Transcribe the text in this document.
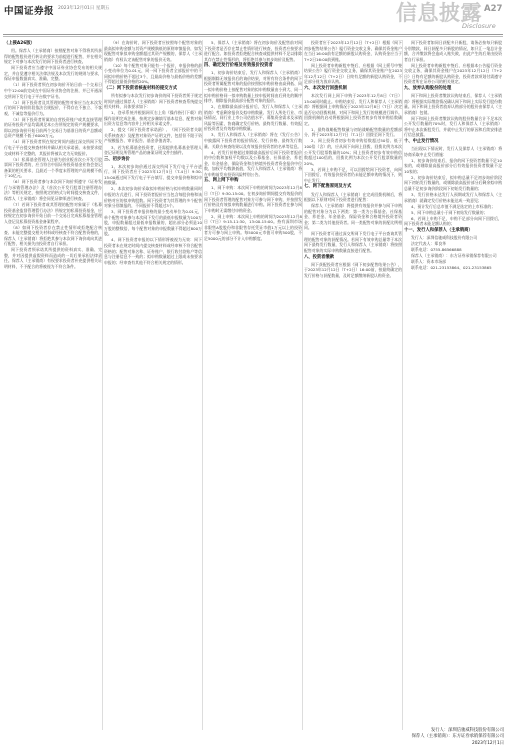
中国证券报 2023年12月01日 星期五	信息披露
Disclosure
A27
（上接A26版）

用。保荐人（主承销商）按照配售对象不得将其所获得的配售股份进行转让的要求为前提进行配售，并在相关规定下对参与本次发行的网下投资者进行核查。

网下投资者应当遵守中国证券业协会发布的相关规定，并自觉遵守相关法律法规及本次发行的规则与要求，保证申报数据真实、准确、完整。

（1）网下投资者须在初步询价开始日前一个交易日中午12:00前完成在中国证券业协会的注册，并已开通深交所网下发行电子平台数字证书。

（2）网下投资者及其管理的配售对象应当在本次发行的网下询价阶段依法合规报价，不得存在不独立、不客观、不诚信等报价行为。

（3）网下投资者所属的自营投资账户或其直接管理的证券投资产品均需满足本公告所规定的资产规模要求，即以初步询价开始日前两个交易日为基准日的资产总额或总资产规模不低于6000万元。

（4）网下投资者须在规定时间内通过深交所网下发行电子平台提交核查材料并确认相关承诺函，未按要求提交或材料不完整的，其报价将被认定为无效报价。

（5）私募基金管理人注册为创业板首次公开发行股票网下投资者的，应当符合中国证券投资基金业协会登记备案的相关要求，且最近一个季度末管理的产品规模不低于10亿元。

（6）网下投资者参与本次网下询价须遵守《证券发行与承销管理办法》及《首次公开发行股票注册管理办法》等相关规定，按照规定的格式与时间提交核查文件，保荐人（主承销商）将会同见证律师进行核查。

（7）若网下投资者或其管理的配售对象属于《私募投资基金监督管理暂行办法》所规定的私募投资基金，应按规定在初步询价开始日前一个交易日完成私募基金管理人登记及私募投资基金备案程序。

（8）如网下投资者存在禁止性情形或拒绝配合核查、未能完整提交相关材料或经核查不符合配售资格的，保荐人（主承销商）将拒绝其参与本次网下询价或向其进行配售，相关损失由投资者自行承担。

网下投资者须承诺其所提供的资料真实、准确、完整，并对因提供虚假资料而造成的一切后果承担法律责任。保荐人（主承销商）有权要求投资者补充提供相关证明材料，不予配合的将被视为不符合条件。

（9）在询价时，网下投资者应按照每个配售对象的最高拟申购金额与其资产规模孰低的原则审慎报价，如发现配售对象拟申购金额超过其资产规模的，保荐人（主承销商）有权认定该配售对象的报价无效。

（10）每个配售对象只能有一个报价，申报价格的最小变动单位为0.01元，同一网下投资者全部报价中的不同拟申购价格不超过3个，且最高价格与最低价格的差额不得超过最低价格的20%。

（二）网下投资者核查材料的提交方式

所有拟参与本次发行初步询价的网下投资者须于规定时间内通过保荐人（主承销商）网下投资者核查系统提交相关材料，具体要求如下：

1、登录系统并根据网页右上角《操作指引下载》的操作说明完成注册，按规定步骤填写基本信息、配售对象出资方信息等内容并上传相关承诺文件。

2、提交《网下投资者承诺函》、《网下投资者关联关系核查表》及配售对象资产证明文件，包括但不限于资产规模报告、审计报告、基金净值表等。

3、若为私募基金投资者，还需提供私募基金管理人登记证明及所管理产品的备案证明文件扫描件。

三、初步询价

1、本次初步询价通过深交所网下发行电子平台进行，网下投资者应于2023年12月5日（T-4日）9:30-15:00通过网下发行电子平台填写、提交申报价格和拟申购数量。

2、本次初步询价采取拟申购价格与拟申购数量同时申报的方式进行，网下投资者报价应当包含每股价格和该价格对应的拟申购股数。网下投资者为其管理的多个配售对象分别填报的，不同报价不得超过3个。

3、网下投资者申报价格的最小变动单位为0.01元，单个配售对象参与本次网下发行的最低申报数量为100万股，申报数量超过最低申报数量的，超出部分必须是10万股的整数倍，每个配售对象的申报数量不得超过800万股。

4、网下投资者申报的以下情形将被视为无效：网下投资者未在规定时间内提交核查材料或经审核不符合配售资格的；配售对象名称、证券账户、银行收付款账户等信息与注册信息不一致的；拟申购数量超过上限或未按要求申报的；经审查有其他不符合相关规定的情形。

5、保荐人（主承销商）将在初步询价及配售前对网下投资者是否存在禁止性情形进行核查，投资者应按要求进行配合。如投资者拒绝配合核查或提供材料不足以排除其存在禁止性情形的，将拒绝其参与初步询价及配售。

四、确定发行价格及有效报价投资者

1、初步询价结束后，发行人和保荐人（主承销商）根据剔除无效报价后的询价结果，对所有符合条件的网下投资者所属配售对象的报价按照拟申购价格由高到低、同一拟申购价格上按配售对象的拟申购数量由小到大、同一拟申购价格同一拟申购数量上按申报时间由后到先的顺序排序，剔除报价最高部分配售对象的报价。

2、在剔除最高部分报价后，发行人和保荐人（主承销商）考虑剩余报价及拟申购数量、发行人所处行业、市场情况、同行业上市公司估值水平、募集资金需求及承销风险等因素，协商确定发行价格、最终发行数量、有效报价投资者及有效拟申购数量。

3、发行人和保荐人（主承销商）将在《发行公告》中披露网下投资者的报价情况、发行价格、最终发行数量、关联方核查结果以及有效报价投资者的名单等信息。

4、若发行价格超过剔除最高报价后网下投资者报价的中位数和加权平均数以及公募基金、社保基金、养老金、年金基金、保险资金和合格境外投资者资金报价中位数、加权平均数孰低值，发行人和保荐人（主承销商）将在申购前发布投资风险特别公告。

五、网上网下申购

1、网下申购：本次网下申购的时间为2023年12月8日（T日）9:30-15:00。在初步询价期间提交有效报价的网下投资者管理的配售对象方可参与网下申购，并按照发行价格及有效拟申购数量进行申购。网下投资者在参与网下申购时无需缴付申购资金。

2、网上申购：本次网上申购的时间为2023年12月8日（T日）9:15-11:30，13:00-15:00。持有深圳市场非限售A股股份和非限售存托凭证市值1万元以上的投资者方可参与网上申购。每5000元市值可申购500股，不足5000元的部分不计入申购额度。

投资者应于2023年12月12日（T+2日）根据《网下初步配售结果公告》履行资金交收义务，确保其资金账户在当日16:00前有足额的新股认购资金，认购资金应当于T+2日16:00前到账。

网上投资者申购新股中签后，应根据《网上摇号中签结果公告》履行资金交收义务，确保其资金账户在2023年12月12日（T+2日）日终有足额的新股认购资金，不足部分视为放弃认购。

六、本次发行回拨机制

本次发行网上网下申购于2023年12月8日（T日）15:00同时截止。申购结束后，发行人和保荐人（主承销商）将根据网上申购情况于2023年12月8日（T日）决定是否启动回拨机制，对网下和网上发行的规模进行调节。回拨机制的启动将根据网上投资者初步有效申购倍数确定。

1、最终战略配售数量与初始战略配售数量的差额部分，将于2023年12月7日（T-1日）回拨至网下发行。

2、网上投资者初步有效申购倍数超过50倍、低于100倍（含）的，应从网下向网上回拨，回拨比例为本次公开发行股票数量的10%；网上投资者初步有效申购倍数超过100倍的，回拨比例为本次公开发行股票数量的20%。

3、若网上申购不足，可以回拨给网下投资者，向网下回拨后，有效报价投资者仍未能足额申购的情况下，则中止发行。

七、网下配售原则及方式

发行人和保荐人（主承销商）在完成回拨机制后，将根据以下原则对网下投资者进行配售：

保荐人（主承销商）将提供有效报价并参与网下申购的配售对象分为以下两类：第一类为公募基金、社保基金、养老金、年金基金、保险资金和合格境外投资者资金；第二类为其他投资者。同一类配售对象的获配比例相同。

网下投资者可通过深交所网下发行电子平台查询其管理的配售对象的获配情况。若网下有效申购总量等于本次网下最终发行数量，发行人和保荐人（主承销商）将按照配售对象的实际申购数量直接进行配售。

八、投资者缴款

网下获配投资者应根据《网下初步配售结果公告》，于2023年12月12日（T+2日）16:00前，按最终确定的发行价格与获配数量，及时足额缴纳新股认购资金。

网下投资者如同日获配多只新股，请务必按每只新股分别缴款。同日获配多只新股的情况，如只汇一笔总计金额，合并缴款将会造成入账失败，由此产生的后果由投资者自行承担。

网上投资者申购新股中签后，应根据本公告履行资金交收义务，确保其资金账户在2023年12月12日（T+2日）日终有足额的新股认购资金，投资者款项划付需遵守投资者所在证券公司的相关规定。

九、放弃认购股份的处理

网下和网上投资者缴款认购结束后，保荐人（主承销商）将根据实际缴款情况确认网下和网上实际发行股份数量。网下和网上投资者放弃认购部分的股份由保荐人（主承销商）包销。

网下和网上投资者缴款认购的股份数量合计不足本次公开发行数量的70%时，发行人和保荐人（主承销商）将中止本次新股发行，并就中止发行的原因和后续安排进行信息披露。

十、中止发行情况

当出现以下情况时，发行人及保荐人（主承销商）将协商采取中止发行措施：

1、初步询价结束后，报价的网下投资者数量不足10家的，或剔除最高报价部分后有效报价投资者数量不足10家的；

2、初步询价结束后，拟申购总量不足初步询价阶段网下初始发行数量的，或剔除最高报价部分后剩余拟申购总量不足初步询价阶段网下初始发行数量的；

3、发行价格未达发行人预期或发行人和保荐人（主承销商）就确定发行价格未能达成一致意见；

4、预计发行后总市值不满足选定的上市标准的；

5、网下申购总量小于网下初始发行数量的；

6、若网上申购不足，申购不足部分向网下回拨后，网下投资者未能足额认购的；

十一、发行人和保荐人（主承销商）

发行人：深圳信驰威科技股份有限公司

法定代表人：郑良华

联系电话：0755-86566888

保荐人（主承销商）：东方证券承销保荐有限公司

联系人：资本市场部

联系电话：021-23153864、021-23153865

发行人：深圳信驰威科技股份有限公司
保荐人（主承销商）：东方证券承销保荐有限公司
2023年12月1日
